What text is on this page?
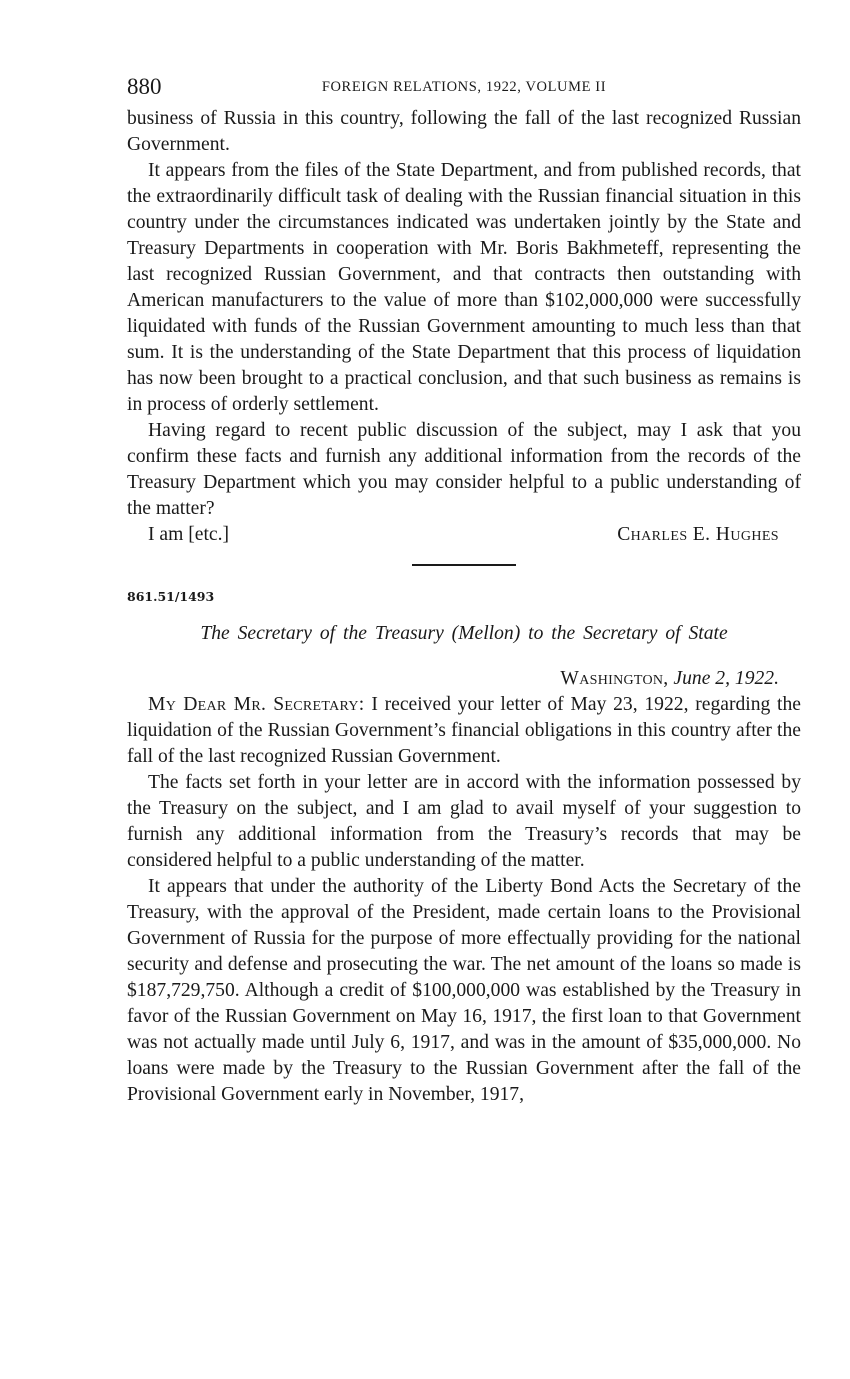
880	FOREIGN RELATIONS, 1922, VOLUME II

business of Russia in this country, following the fall of the last recognized Russian Government.

It appears from the files of the State Department, and from published records, that the extraordinarily difficult task of dealing with the Russian financial situation in this country under the circumstances indicated was undertaken jointly by the State and Treasury Departments in cooperation with Mr. Boris Bakhmeteff, representing the last recognized Russian Government, and that contracts then outstanding with American manufacturers to the value of more than $102,000,000 were successfully liquidated with funds of the Russian Government amounting to much less than that sum. It is the understanding of the State Department that this process of liquidation has now been brought to a practical conclusion, and that such business as remains is in process of orderly settlement.

Having regard to recent public discussion of the subject, may I ask that you confirm these facts and furnish any additional information from the records of the Treasury Department which you may consider helpful to a public understanding of the matter?

I am [etc.]	Charles E. Hughes
861.51/1493
The Secretary of the Treasury (Mellon) to the Secretary of State
Washington, June 2, 1922.

My Dear Mr. Secretary: I received your letter of May 23, 1922, regarding the liquidation of the Russian Government’s financial obligations in this country after the fall of the last recognized Russian Government.

The facts set forth in your letter are in accord with the information possessed by the Treasury on the subject, and I am glad to avail myself of your suggestion to furnish any additional information from the Treasury’s records that may be considered helpful to a public understanding of the matter.

It appears that under the authority of the Liberty Bond Acts the Secretary of the Treasury, with the approval of the President, made certain loans to the Provisional Government of Russia for the purpose of more effectually providing for the national security and defense and prosecuting the war. The net amount of the loans so made is $187,729,750. Although a credit of $100,000,000 was established by the Treasury in favor of the Russian Government on May 16, 1917, the first loan to that Government was not actually made until July 6, 1917, and was in the amount of $35,000,000. No loans were made by the Treasury to the Russian Government after the fall of the Provisional Government early in November, 1917,
